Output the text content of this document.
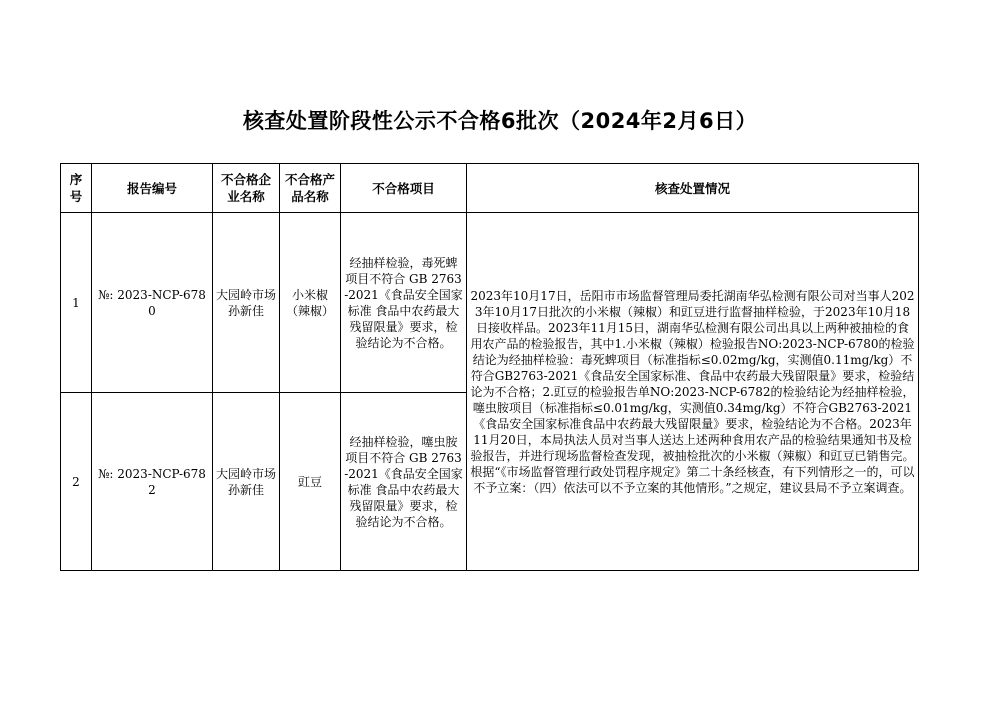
核查处置阶段性公示不合格6批次（2024年2月6日）
序号	报告编号	不合格企业名称	不合格产品名称	不合格项目	核查处置情况
1	№: 2023-NCP-6780	大园岭市场孙新佳	小米椒（辣椒）	经抽样检验，毒死蜱项目不符合 GB 2763-2021《食品安全国家标准 食品中农药最大残留限量》要求，检验结论为不合格。	2023年10月17日，岳阳市市场监督管理局委托湖南华弘检测有限公司对当事人2023年10月17日批次的小米椒（辣椒）和豇豆进行监督抽样检验，于2023年10月18日接收样品。2023年11月15日，湖南华弘检测有限公司出具以上两种被抽检的食用农产品的检验报告，其中1.小米椒（辣椒）检验报告NO:2023-NCP-6780的检验结论为经抽样检验：毒死蜱项目（标准指标≤0.02mg/kg，实测值0.11mg/kg）不符合GB2763-2021《食品安全国家标准、食品中农药最大残留限量》要求，检验结论为不合格；2.豇豆的检验报告单NO:2023-NCP-6782的检验结论为经抽样检验，噻虫胺项目（标准指标≤0.01mg/kg，实测值0.34mg/kg）不符合GB2763-2021《食品安全国家标准食品中农药最大残留限量》要求，检验结论为不合格。2023年11月20日，本局执法人员对当事人送达上述两种食用农产品的检验结果通知书及检验报告，并进行现场监督检查发现，被抽检批次的小米椒（辣椒）和豇豆已销售完。根据“《市场监督管理行政处罚程序规定》第二十条经核查，有下列情形之一的，可以不予立案：（四）依法可以不予立案的其他情形。”之规定，建议县局不予立案调查。
2	№: 2023-NCP-6782	大园岭市场孙新佳	豇豆	经抽样检验，噻虫胺项目不符合 GB 2763-2021《食品安全国家标准 食品中农药最大残留限量》要求，检验结论为不合格。	
